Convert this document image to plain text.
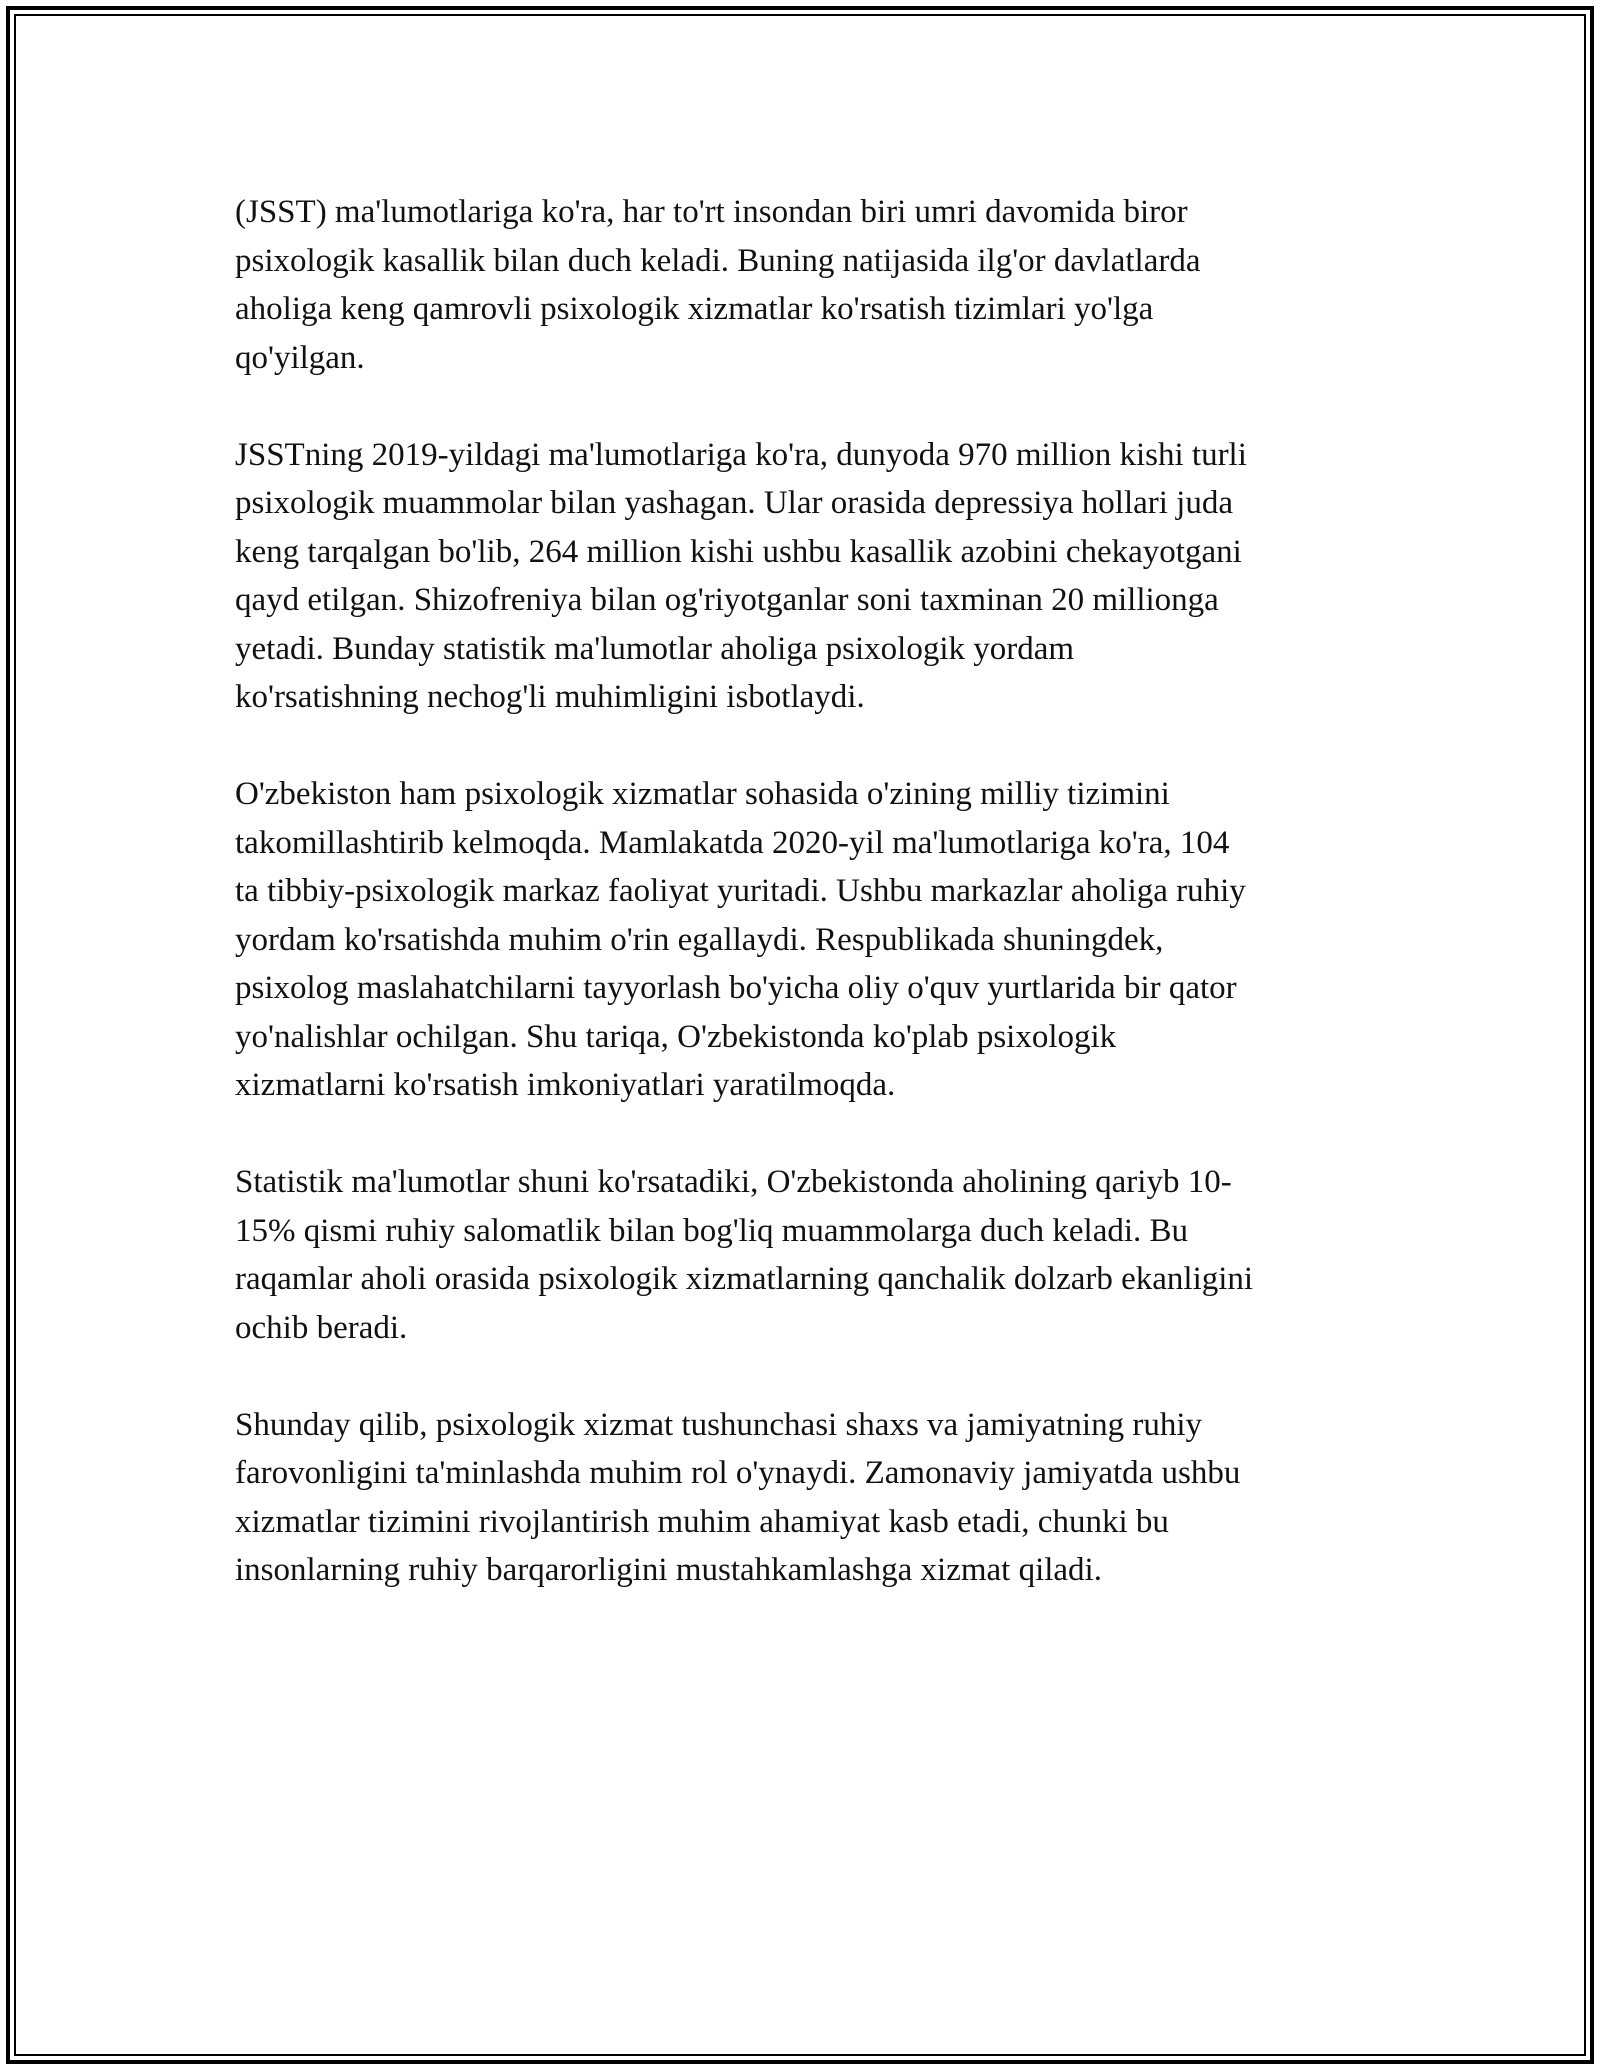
(JSST) ma'lumotlariga ko'ra, har to'rt insondan biri umri davomida biror
psixologik kasallik bilan duch keladi. Buning natijasida ilg'or davlatlarda
aholiga keng qamrovli psixologik xizmatlar ko'rsatish tizimlari yo'lga
qo'yilgan.

JSSTning 2019-yildagi ma'lumotlariga ko'ra, dunyoda 970 million kishi turli
psixologik muammolar bilan yashagan. Ular orasida depressiya hollari juda
keng tarqalgan bo'lib, 264 million kishi ushbu kasallik azobini chekayotgani
qayd etilgan. Shizofreniya bilan og'riyotganlar soni taxminan 20 millionga
yetadi. Bunday statistik ma'lumotlar aholiga psixologik yordam
ko'rsatishning nechog'li muhimligini isbotlaydi.

O'zbekiston ham psixologik xizmatlar sohasida o'zining milliy tizimini
takomillashtirib kelmoqda. Mamlakatda 2020-yil ma'lumotlariga ko'ra, 104
ta tibbiy-psixologik markaz faoliyat yuritadi. Ushbu markazlar aholiga ruhiy
yordam ko'rsatishda muhim o'rin egallaydi. Respublikada shuningdek,
psixolog maslahatchilarni tayyorlash bo'yicha oliy o'quv yurtlarida bir qator
yo'nalishlar ochilgan. Shu tariqa, O'zbekistonda ko'plab psixologik
xizmatlarni ko'rsatish imkoniyatlari yaratilmoqda.

Statistik ma'lumotlar shuni ko'rsatadiki, O'zbekistonda aholining qariyb 10-
15% qismi ruhiy salomatlik bilan bog'liq muammolarga duch keladi. Bu
raqamlar aholi orasida psixologik xizmatlarning qanchalik dolzarb ekanligini
ochib beradi.

Shunday qilib, psixologik xizmat tushunchasi shaxs va jamiyatning ruhiy
farovonligini ta'minlashda muhim rol o'ynaydi. Zamonaviy jamiyatda ushbu
xizmatlar tizimini rivojlantirish muhim ahamiyat kasb etadi, chunki bu
insonlarning ruhiy barqarorligini mustahkamlashga xizmat qiladi.
